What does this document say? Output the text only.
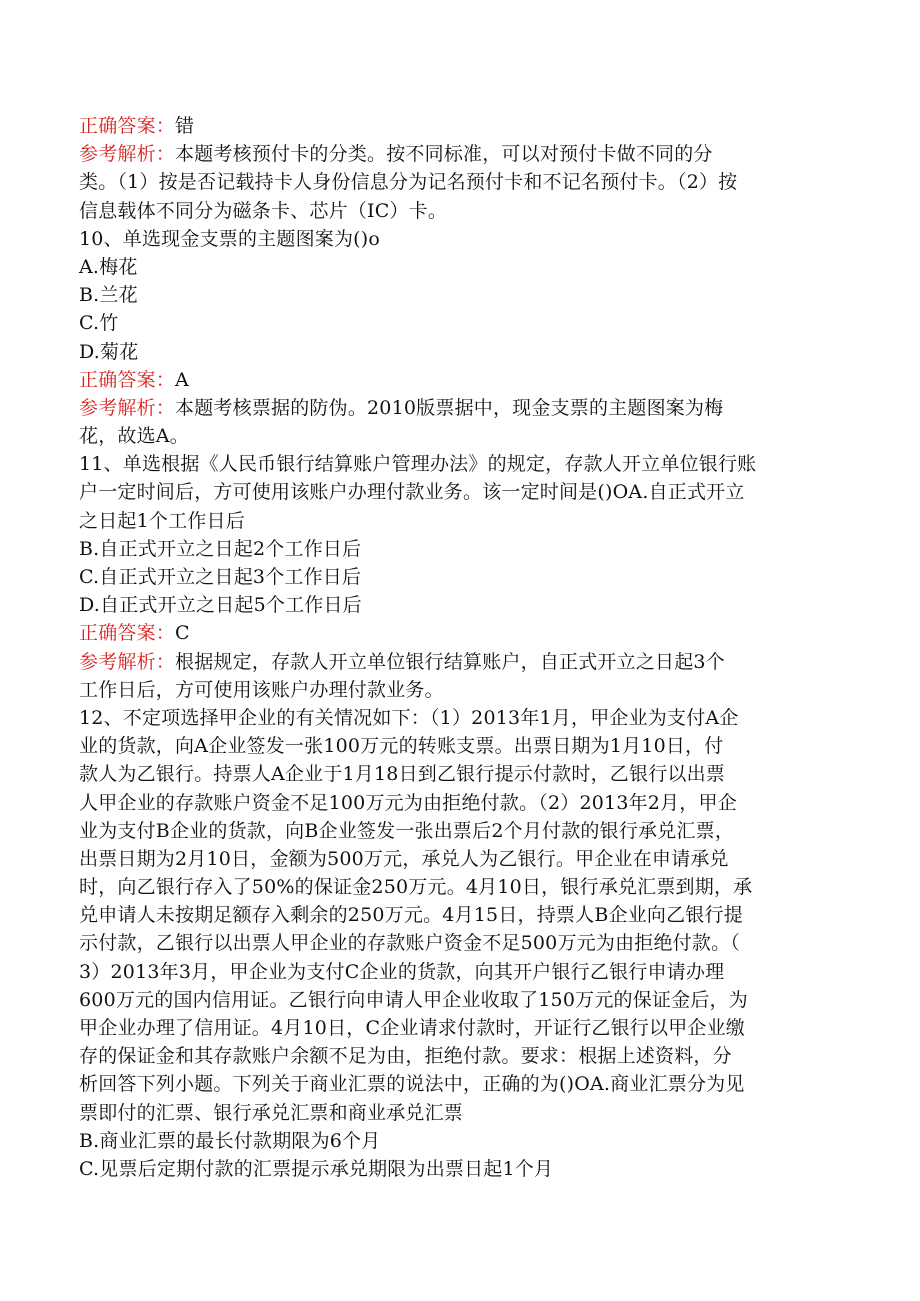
正确答案：错
参考解析：本题考核预付卡的分类。按不同标准，可以对预付卡做不同的分
类。（1）按是否记载持卡人身份信息分为记名预付卡和不记名预付卡。（2）按
信息载体不同分为磁条卡、芯片（IC）卡。
10、单选现金支票的主题图案为()o
A.梅花
B.兰花
C.竹
D.菊花
正确答案：A
参考解析：本题考核票据的防伪。2010版票据中，现金支票的主题图案为梅
花，故选A。
11、单选根据《人民币银行结算账户管理办法》的规定，存款人开立单位银行账
户一定时间后，方可使用该账户办理付款业务。该一定时间是()OA.自正式开立
之日起1个工作日后
B.自正式开立之日起2个工作日后
C.自正式开立之日起3个工作日后
D.自正式开立之日起5个工作日后
正确答案：C
参考解析：根据规定，存款人开立单位银行结算账户，自正式开立之日起3个
工作日后，方可使用该账户办理付款业务。
12、不定项选择甲企业的有关情况如下：（1）2013年1月，甲企业为支付A企
业的货款，向A企业签发一张100万元的转账支票。出票日期为1月10日，付
款人为乙银行。持票人A企业于1月18日到乙银行提示付款时，乙银行以出票
人甲企业的存款账户资金不足100万元为由拒绝付款。（2）2013年2月，甲企
业为支付B企业的货款，向B企业签发一张出票后2个月付款的银行承兑汇票，
出票日期为2月10日，金额为500万元，承兑人为乙银行。甲企业在申请承兑
时，向乙银行存入了50%的保证金250万元。4月10日，银行承兑汇票到期，承
兑申请人未按期足额存入剩余的250万元。4月15日，持票人B企业向乙银行提
示付款，乙银行以出票人甲企业的存款账户资金不足500万元为由拒绝付款。（
3）2013年3月，甲企业为支付C企业的货款，向其开户银行乙银行申请办理
600万元的国内信用证。乙银行向申请人甲企业收取了150万元的保证金后，为
甲企业办理了信用证。4月10日，C企业请求付款时，开证行乙银行以甲企业缴
存的保证金和其存款账户余额不足为由，拒绝付款。要求：根据上述资料，分
析回答下列小题。下列关于商业汇票的说法中，正确的为()OA.商业汇票分为见
票即付的汇票、银行承兑汇票和商业承兑汇票
B.商业汇票的最长付款期限为6个月
C.见票后定期付款的汇票提示承兑期限为出票日起1个月
